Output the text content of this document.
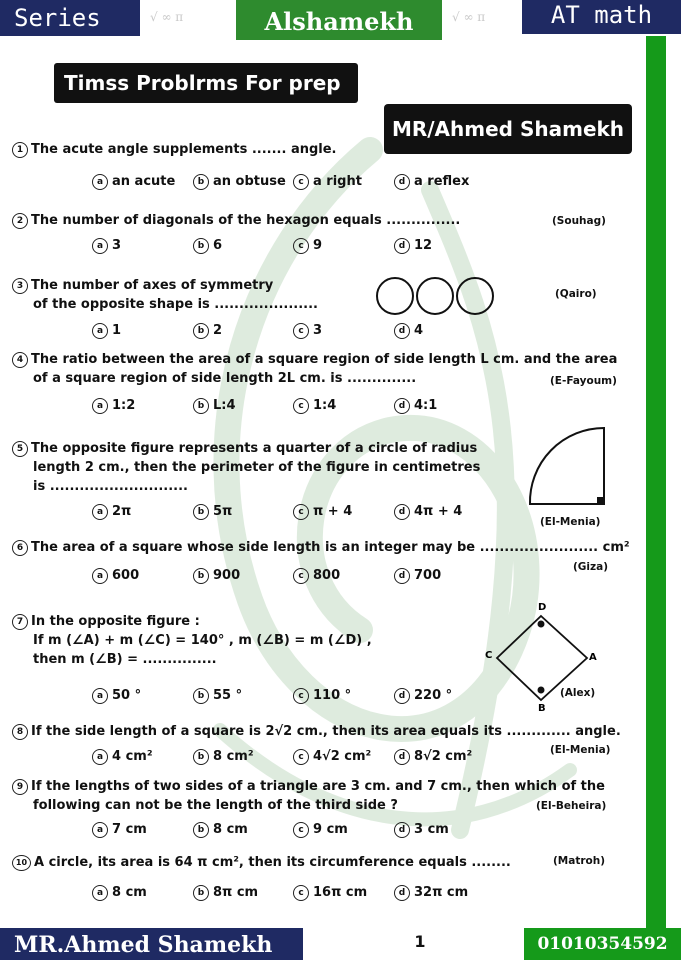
Series	√ ∞ π	Alshamekh	√ ∞ π	AT math
Timss Problrms For prep 3	MR/Ahmed Shamekh
1 The acute angle supplements ....... angle.
a an acute	b an obtuse	c a right	d a reflex
2 The number of diagonals of the hexagon equals ...............	(Souhag)
a 3	b 6	c 9	d 12
3 The number of axes of symmetry
of the opposite shape is .....................
(Qairo)
a 1	b 2	c 3	d 4
4 The ratio between the area of a square region of side length L cm. and the area
of a square region of side length 2L cm. is ..............	(E-Fayoum)
a 1:2	b L:4	c 1:4	d 4:1
5 The opposite figure represents a quarter of a circle of radius
length 2 cm., then the perimeter of the figure in centimetres
is ............................
(El-Menia)
a 2π	b 5π	c π + 4	d 4π + 4
6 The area of a square whose side length is an integer may be ........................ cm²
(Giza)
a 600	b 900	c 800	d 700
7 In the opposite figure :
If m (∠A) + m (∠C) = 140° , m (∠B) = m (∠D) ,
then m (∠B) = ...............
D
A
C
B
(Alex)
a 50 °	b 55 °	c 110 °	d 220 °
8 If the side length of a square is 2√2 cm., then its area equals its ............. angle.
(El-Menia)
a 4 cm²	b 8 cm²	c 4√2 cm²	d 8√2 cm²
9 If the lengths of two sides of a triangle are 3 cm. and 7 cm., then which of the
following can not be the length of the third side ?	(El-Beheira)
a 7 cm	b 8 cm	c 9 cm	d 3 cm
10 A circle, its area is 64 π cm², then its circumference equals ........	(Matroh)
a 8 cm	b 8π cm	c 16π cm	d 32π cm
MR.Ahmed Shamekh	1	01010354592
